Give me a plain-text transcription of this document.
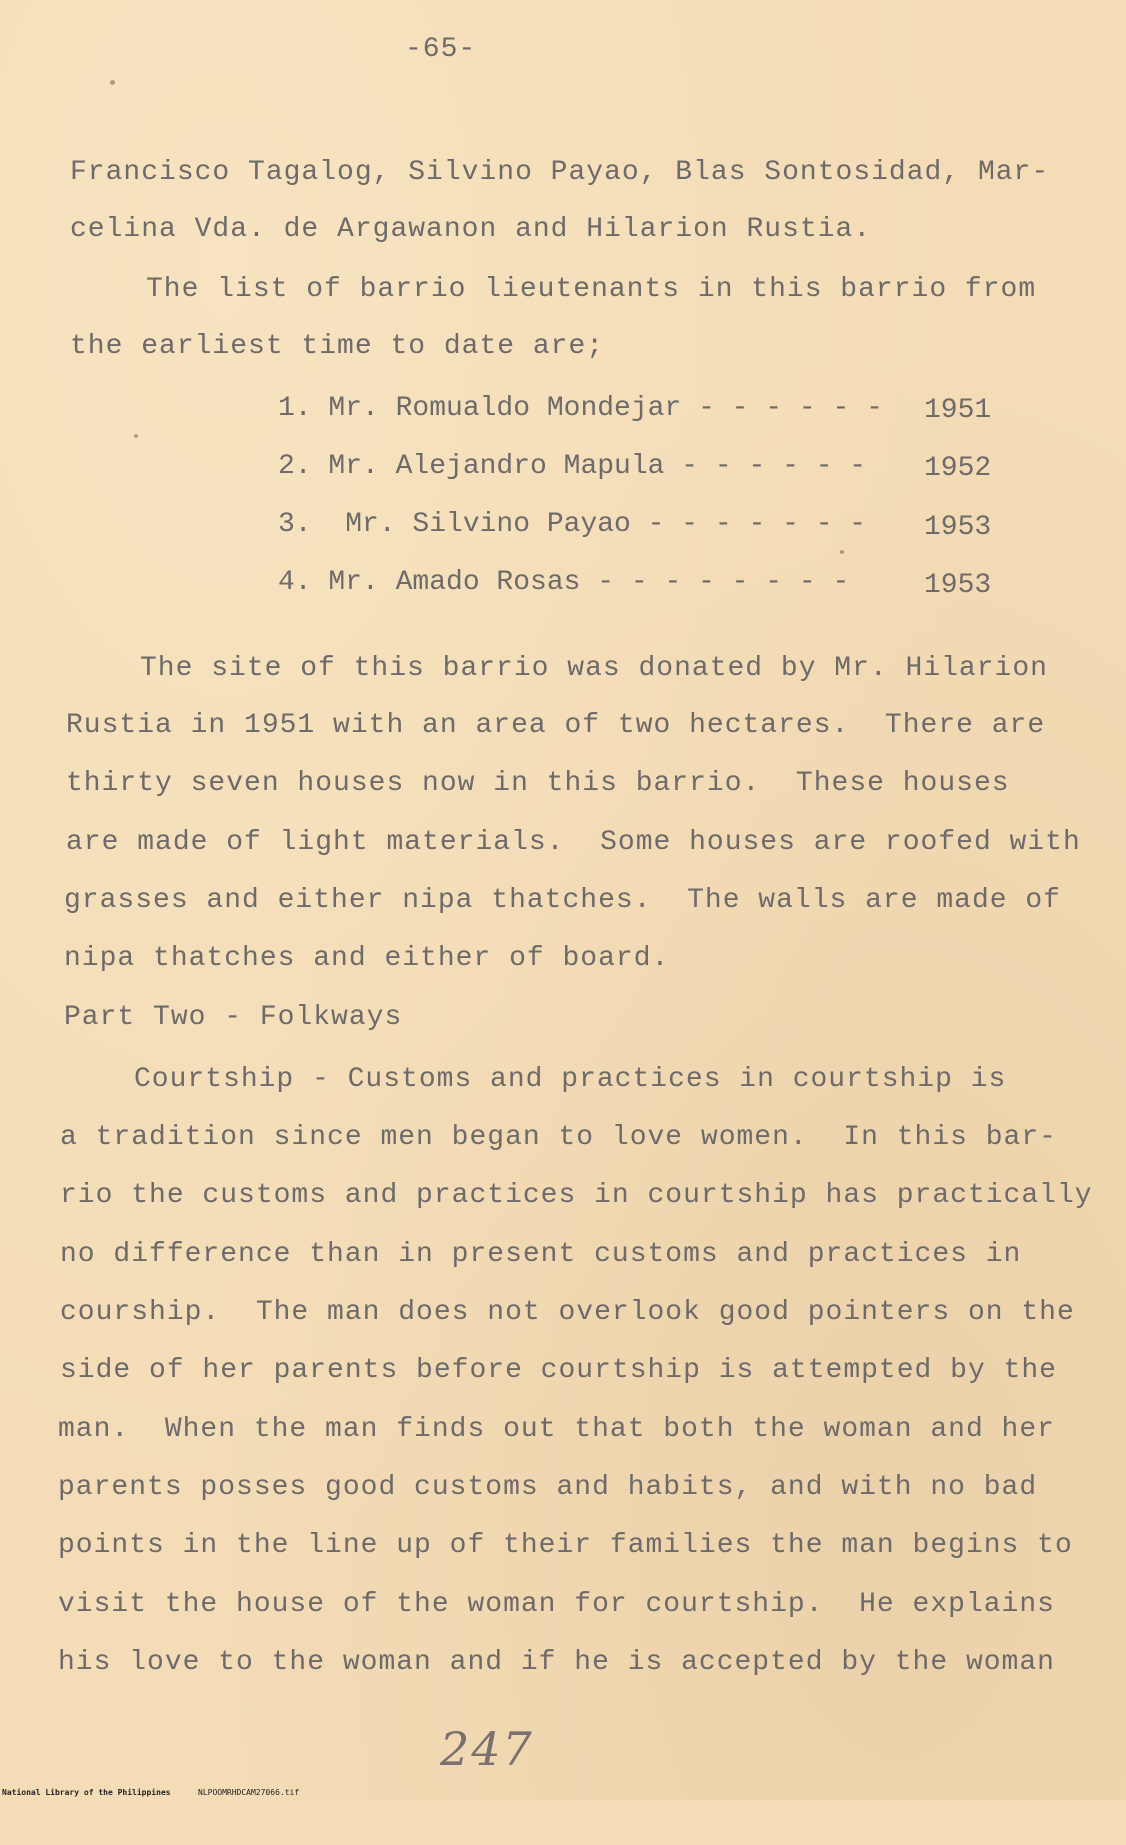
-65-
Francisco Tagalog, Silvino Payao, Blas Sontosidad, Mar-
celina Vda. de Argawanon and Hilarion Rustia.
The list of barrio lieutenants in this barrio from
the earliest time to date are;
1. Mr. Romualdo Mondejar - - - - - - 1951
2. Mr. Alejandro Mapula - - - - - - 1952
3.  Mr. Silvino Payao - - - - - - - 1953
4. Mr. Amado Rosas - - - - - - - -	1953
The site of this barrio was donated by Mr. Hilarion
Rustia in 1951 with an area of two hectares.  There are
thirty seven houses now in this barrio.  These houses
are made of light materials.  Some houses are roofed with
grasses and either nipa thatches.  The walls are made of
nipa thatches and either of board.
Part Two - Folkways
Courtship - Customs and practices in courtship is
a tradition since men began to love women.  In this bar-
rio the customs and practices in courtship has practically
no difference than in present customs and practices in
courship.  The man does not overlook good pointers on the
side of her parents before courtship is attempted by the
man.  When the man finds out that both the woman and her
parents posses good customs and habits, and with no bad
points in the line up of their families the man begins to
visit the house of the woman for courtship.  He explains
his love to the woman and if he is accepted by the woman
247

National Library of the Philippines

	NLPOOMRHDCAM27066.tif
